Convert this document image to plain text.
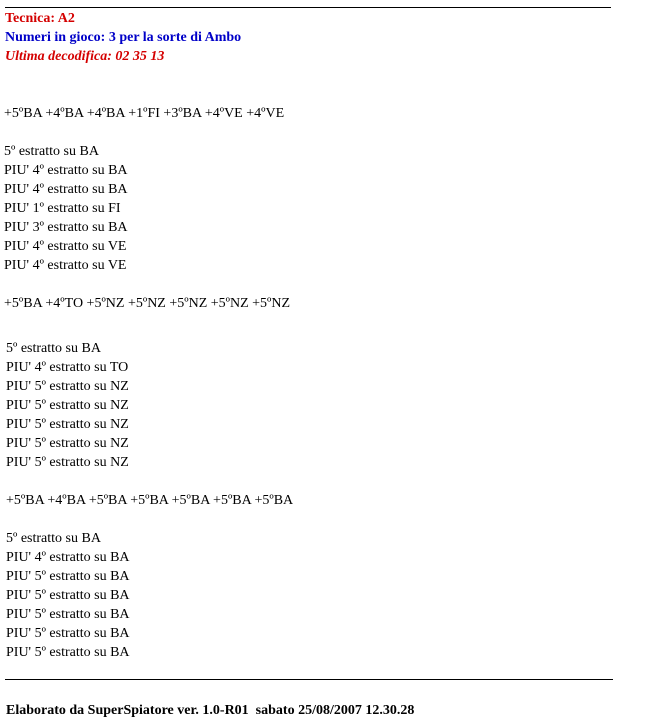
Tecnica: A2
Numeri in gioco: 3 per la sorte di Ambo
Ultima decodifica: 02 35 13
+5ºBA +4ºBA +4ºBA +1ºFI +3ºBA +4ºVE +4ºVE
5º estratto su BA
PIU' 4º estratto su BA
PIU' 4º estratto su BA
PIU' 1º estratto su FI
PIU' 3º estratto su BA
PIU' 4º estratto su VE
PIU' 4º estratto su VE
+5ºBA +4ºTO +5ºNZ +5ºNZ +5ºNZ +5ºNZ +5ºNZ
5º estratto su BA
PIU' 4º estratto su TO
PIU' 5º estratto su NZ
PIU' 5º estratto su NZ
PIU' 5º estratto su NZ
PIU' 5º estratto su NZ
PIU' 5º estratto su NZ
+5ºBA +4ºBA +5ºBA +5ºBA +5ºBA +5ºBA +5ºBA
5º estratto su BA
PIU' 4º estratto su BA
PIU' 5º estratto su BA
PIU' 5º estratto su BA
PIU' 5º estratto su BA
PIU' 5º estratto su BA
PIU' 5º estratto su BA
Elaborato da SuperSpiatore ver. 1.0-R01  sabato 25/08/2007 12.30.28
